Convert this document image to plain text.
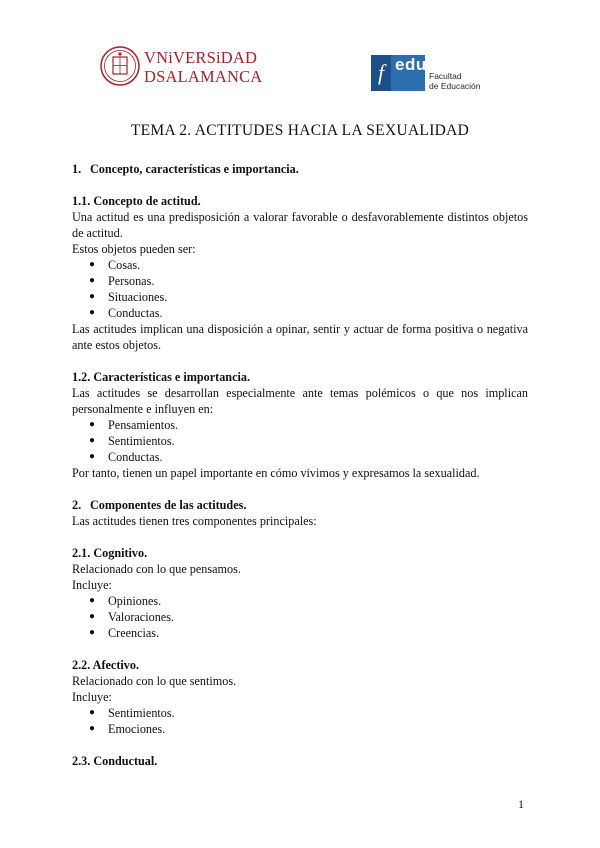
VNiVERSiDAD
DSALAMANCA	f edu
Facultad
de Educación
TEMA 2. ACTITUDES HACIA LA SEXUALIDAD

1. Concepto, características e importancia.

1.1. Concepto de actitud.

Una actitud es una predisposición a valorar favorable o desfavorablemente distintos objetos de actitud.

Estos objetos pueden ser:

● Cosas.
● Personas.
● Situaciones.
● Conductas.

Las actitudes implican una disposición a opinar, sentir y actuar de forma positiva o negativa ante estos objetos.

1.2. Características e importancia.

Las actitudes se desarrollan especialmente ante temas polémicos o que nos implican personalmente e influyen en:

● Pensamientos.
● Sentimientos.
● Conductas.

Por tanto, tienen un papel importante en cómo vivimos y expresamos la sexualidad.

2. Componentes de las actitudes.

Las actitudes tienen tres componentes principales:

2.1. Cognitivo.

Relacionado con lo que pensamos.

Incluye:

● Opiniones.
● Valoraciones.
● Creencias.

2.2. Afectivo.

Relacionado con lo que sentimos.

Incluye:

● Sentimientos.
● Emociones.

2.3. Conductual.

1
